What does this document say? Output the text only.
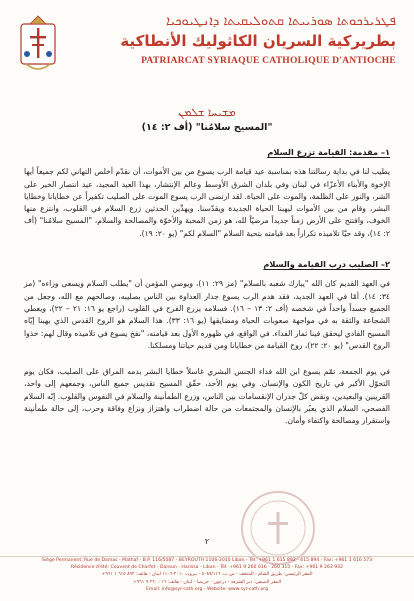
ܦܛܪܝܪܟܘܬܐ ܣܘܪܝܝܬܐ ܩܬܘܠܝܩܝܬܐ ܕܐܢܛܝܘܟܝܐ
بطريركية السريان الكاثوليك الأنطاكية
PATRIARCAT SYRIAQUE CATHOLIQUE D'ANTIOCHE
ܡܫܝܚܐ ܫܠܡܢ
"المسيح سلامُنا" (أف ٢: ١٤)
١– مقدمة: القيامة تزرع السلام

يطيب لنا في بداية رسالتنا هذه بمناسبة عيد قيامة الرب يسوع من بين الأموات، أن نقدّم أخلص التهاني لكم جميعاً أيها الإخوة والأبناء الأعزّاء في لبنان وفي بلدان الشرق الأوسط وعالم الإنتشار، بهذا العيد المجيد، عيد انتصار الخير على الشر، والنور على الظلمة، والموت على الحياة. لقد ارتضى الرب يسوع الموت على الصليب تكفيراً عن خطايانا وخطايا البشر، وقام من بين الأموات ليهبنا الحياة الجديدة ويقدّسنا. ويهدِّين الحدثين زرع السلام في القلوب، وانتزع منها الخوف، وافتتح على الأرض زمناً جديداً مرضيّاً لله، هو زمن المحبة والأخوّة والمصالحة والسلام، "المسيح سلامُنا" (أف ٢: ١٤)، وقد حيّا تلاميذه تكراراً بعد قيامته بتحية السلام "السلام لكم" (يو ٢٠: ١٩).

٢– الصليب درب القيامة والسلام

في العهد القديم كان الله "يبارك شعبه بالسلام" (مز ٢٩: ١١)، ويوصي المؤمن أن "يطلب السلام ويسعى وراءه" (مز ٣٤: ١٤). أمّا في العهد الجديد، فقد هدم الرب يسوع جدار العداوة بين الناس بصليبه، وصالحهم مع الله، وجعل من الجميع جسداً واحداً في شخصه (أف ٢: ١٣ – ١٦). فسلامه يزرع الفرح في القلوب (راجع يو ١٦: ٢١ – ٢٢)، ويعطي الشجاعة والثقة به في مواجهة صعوبات الحياة ومضايقها (يو ١٦: ٣٣). هذا السلام هو الروح القدس الذي يهبنا إيّاه المسيح الفادي ليحقق فينا ثمار الفداء. في الواقع، في ظهوره الأول بعد قيامته، "نفخ يسوع في تلاميذه وقال لهم: خذوا الروح القدس" (يو ٢٠: ٢٢)، روح القيامة من خطايانا ومن قديم حياتنا ومسلكنا.

في يوم الجمعة، تمّم يسوع ابن الله فداء الجنس البشري غاسلاً خطايا البشر بدمه المراق على الصليب، فكان يوم التحوّل الأكبر في تاريخ الكون والإنسان. وفي يوم الأحد، حقّق المسيح تقديس جميع الناس، وجمعهم إلى واحد، القريبين والبعيدين، ونقض كلّ جدران الإنقسامات بين الناس، وزرع الطمأنينة والسلام في النفوس والقلوب. إنّه السلام الفصحي، السلام الذي يعبُر بالإنسان والمجتمعات من حالة اضطراب واهتزاز ونزاع وفاقة وحرب، إلى حالة طمأنينة واستقرار ومصالحة واكتفاء وأمان.

٢
Siège Permanent: Rue de Damas - Mathaf - B.P. 116/5087 - BEYROUTH 1106-2010 Liban - Tél: +961 1 615 892 - 615 894 - Fax: +961 1 616 573
Résidence d'été: Couvent de Charfet - Daroun - Harissa - Liban - Tél: +961 9 260 016 - 260 315 - Fax: +961 9 263 932
المقر الرئيسي: طريق الشام - المتحف - ص.ب. ٥٠٨٧/١١٦ - بيروت ٢٠١٠-١١٠٦ لبنان - هاتف: ٨٩٢ ٦١٥ ١ ٩٦١+
المقر الصيفي: دير الشرفة - درعون - حريصا - لبنان - هاتف: ٠١٦ ٢٦٠ ٩ ٩٦١+
Email: info@syr-cath.org - Website: www.syr-cath.org
